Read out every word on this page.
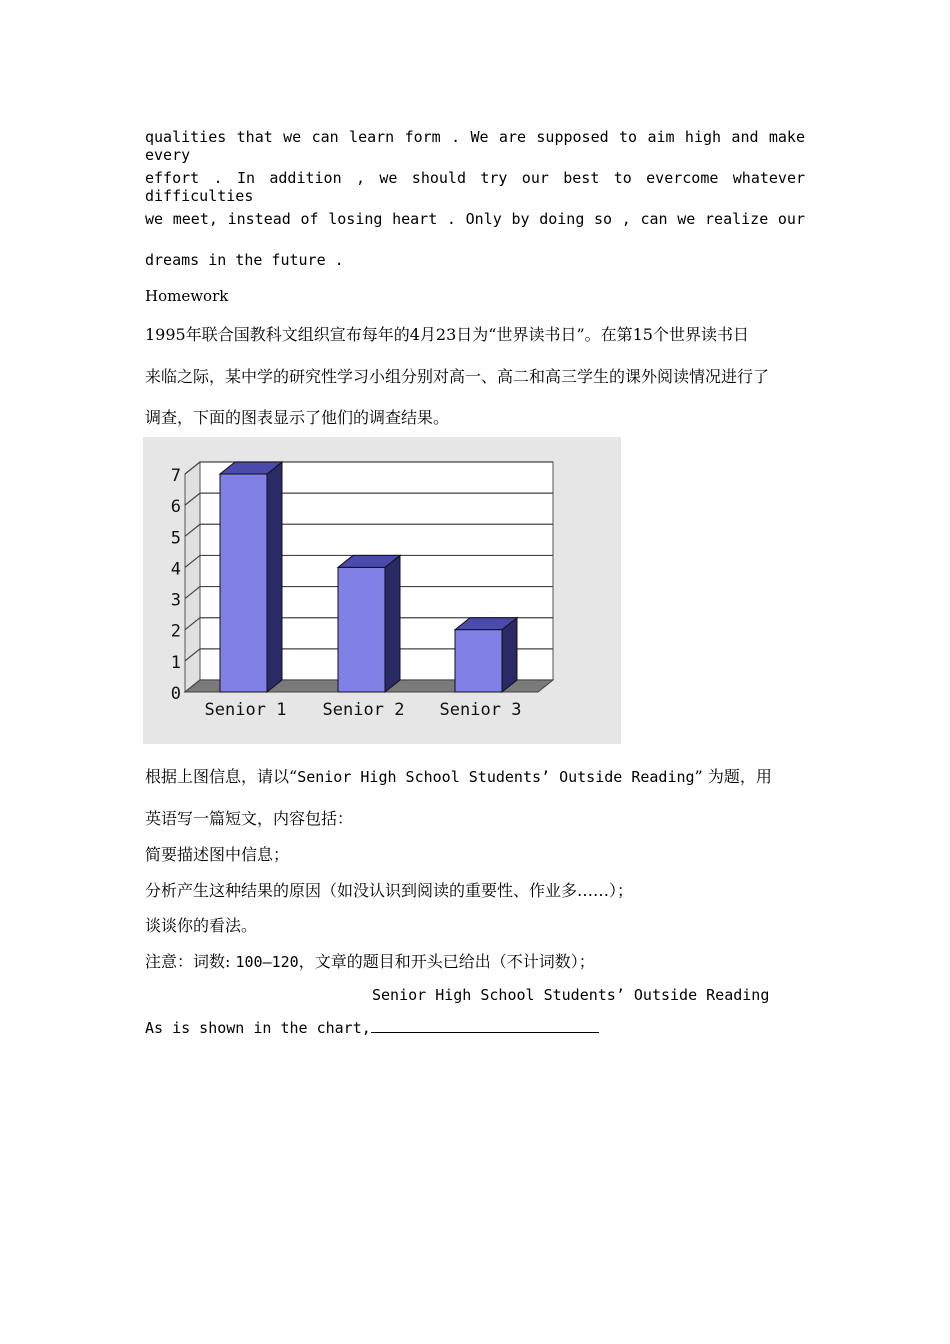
qualities that we can learn form . We are supposed to aim high and make every
effort . In addition , we should try our best to evercome whatever difficulties
we meet, instead of losing heart . Only by doing so , can we realize our
dreams in the future .
Homework
1995年联合国教科文组织宣布每年的4月23日为“世界读书日”。在第15个世界读书日
来临之际，某中学的研究性学习小组分别对高一、高二和高三学生的课外阅读情况进行了
调查，下面的图表显示了他们的调查结果。
0
1
2
3
4
5
6
7
Senior 1 Senior 2 Senior 3
根据上图信息，请以“Senior High School Students’ Outside Reading” 为题，用
英语写一篇短文，内容包括：
简要描述图中信息；
分析产生这种结果的原因（如没认识到阅读的重要性、作业多……）；
谈谈你的看法。
注意：词数: 100—120，文章的题目和开头已给出（不计词数）；
Senior High School Students’ Outside Reading
As is shown in the chart,
